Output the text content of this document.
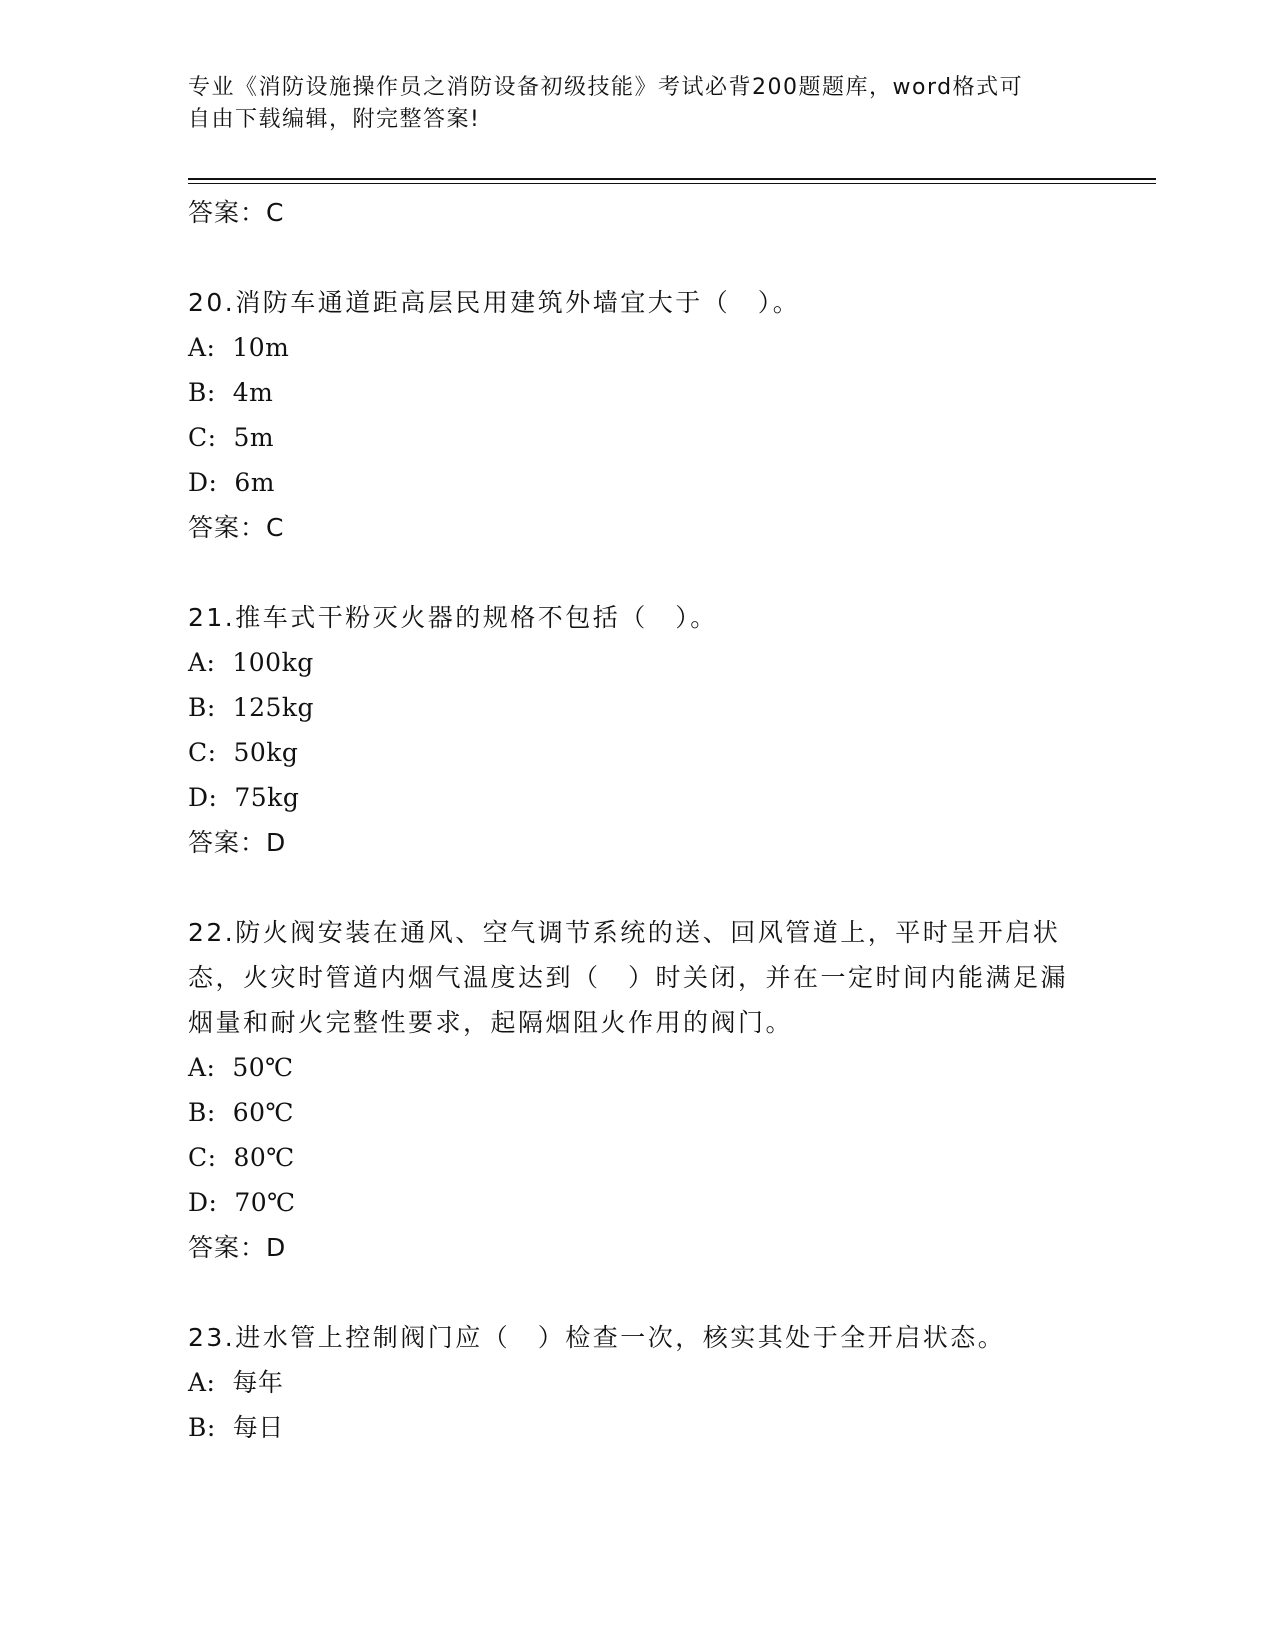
专业《消防设施操作员之消防设备初级技能》考试必背200题题库，word格式可
自由下载编辑，附完整答案!
答案：C
20.消防车通道距高层民用建筑外墙宜大于（　）。
A:  10m
B:  4m
C:  5m
D:  6m
答案：C
21.推车式干粉灭火器的规格不包括（　）。
A:  100kg
B:  125kg
C:  50kg
D:  75kg
答案：D
22.防火阀安装在通风、空气调节系统的送、回风管道上，平时呈开启状态，火灾时管道内烟气温度达到（　）时关闭，并在一定时间内能满足漏烟量和耐火完整性要求，起隔烟阻火作用的阀门。
A:  50℃
B:  60℃
C:  80℃
D:  70℃
答案：D
23.进水管上控制阀门应（　）检查一次，核实其处于全开启状态。
A:  每年
B:  每日
